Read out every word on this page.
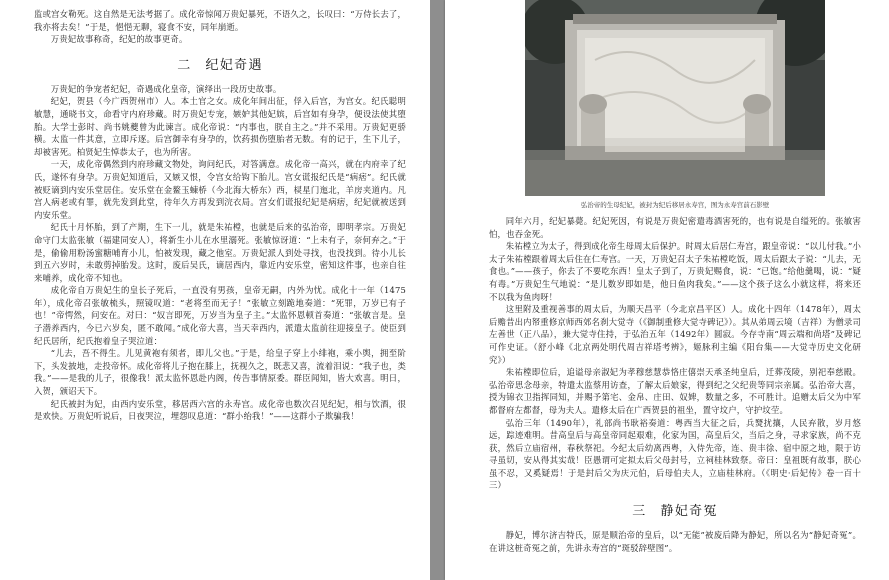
监或宫女勒死。这自然是无法考据了。成化帝惊闻万贵妃暴死，不语久之，长叹曰：“万侍长去了，我亦将去矣！”于是，悒悒无聊，寝食不安，同年崩逝。

万贵妃故事称奇，纪妃的故事更奇。

二 纪妃奇遇

万贵妃的争宠者纪妃，奇遇成化皇帝，演绎出一段历史故事。

纪妃，贺县（今广西贺州市）人。本土官之女。成化年间出征，俘入后宫，为宫女。纪氏聪明敏慧，通晓书文，命看守内府珍藏。时万贵妃专宠，嫉妒其他妃嫔，后宫如有身孕，便设法使其堕胎。大学士彭时、尚书姚夔曾为此谏言。成化帝说：“内事也，朕自主之。”并不采用。万贵妃更骄横。太监一件其意，立即斥逐。后宫御幸有身孕的，饮药损伤堕胎者无数。有的记于，生下儿子，却被害死。柏贤妃生悼恭太子，也为所害。

一天，成化帝偶然到内府珍藏文物处，询问纪氏，对答满意。成化帝一高兴，就在内府幸了纪氏，遂怀有身孕。万贵妃知道后，又嫉又恨，令宫女给钩下胎儿。宫女谎报纪氏是“病痞”。纪氏就被贬谪到内安乐堂居住。安乐堂在金鳌玉蝀桥（今北海大桥东）西，棂星门迤北，羊房夹道内。凡宫人病老或有罪，就先发到此堂，待年久方再发到浣衣局。宫女们谎报纪妃是病痞，纪妃就被送到内安乐堂。

纪氏十月怀胎，到了产期，生下一儿，就是朱祐樘，也就是后来的弘治帝，即明孝宗。万贵妃命守门太监张敏（福建同安人），将新生小儿在水里溺死。张敏惊讶道：“上未有子，奈何弃之。”于是，偷偷用粉汤蜜糖哺育小儿，怕被发现，藏之他室。万贵妃派人到处寻找，也没找到。待小儿长到五六岁时，未敢剪掉胎发。这时，废后吴氏，谪居西内，靠近内安乐堂，密知这件事，也亲自往来哺养，成化帝不知也。

成化帝自万贵妃生的皇长子死后，一直没有男孩，皇帝无嗣，内外为忧。成化十一年（1475年），成化帝召张敏梳头，照镜叹道：“老将至而无子！”张敏立刻跪地奏道：“死罪，万岁已有子也！”帝愕然，问安在。对曰：“奴言即死，万岁当为皇子主。”太监怀恩顿首奏道：“张敏言是。皇子潜养西内，今已六岁矣，匿不敢闻。”成化帝大喜，当天幸西内，派遣太监前往迎接皇子。使臣到纪氏居所，纪氏抱着皇子哭泣道：

“儿去，吾不得生。儿见黄袍有须者，即儿父也。”于是，给皇子穿上小绯袍，乘小舆，拥至阶下，头发披地，走投帝怀。成化帝将儿子抱在膝上，抚视久之，既悲又喜，流着泪说：“我子也，类我。”——是我的儿子，很像我！派太监怀恩赴内阁，传告事情原委。群臣闻知，皆大欢喜。明日，入贺，颁诏天下。

纪氏被封为妃，由西内安乐堂，移居西六宫的永寿宫。成化帝也数次召见纪妃，相与饮酒，很是欢快。万贵妃听说后，日夜哭泣，埋怨叹息道：“群小绐我！”——这群小子欺骗我！

弘治帝的生母纪妃，被封为纪后移居永寿宫，图为永寿宫前石影壁

同年六月，纪妃暴薨。纪妃死因，有说是万贵妃密遣毒酒害死的，也有说是自缢死的。张敏害怕，也吞金死。

朱祐樘立为太子，得到成化帝生母周太后保护。时周太后居仁寿宫，跟皇帝说：“以儿付我。”小太子朱祐樘跟着周太后住在仁寿宫。一天，万贵妃召太子朱祐樘吃饭，周太后跟太子说：“儿去，无食也。”——孩子，你去了不要吃东西！皇太子到了，万贵妃赐食，说：“已饱。”给他羹喝，说：“疑有毒。”万贵妃生气地说：“是儿数岁即如是，他日鱼肉我矣。”——这个孩子这么小就这样，将来还不以我为鱼肉呀！

这里附及重视善事的周太后，为顺天昌平（今北京昌平区）人。成化十四年（1478年），周太后赡昔出内帑重修京师西郊名刹大觉寺（《御制重修大觉寺碑记》）。其从弟周云境（吉祥）为僧录司左善世（正八品），兼大觉寺住持，于弘治五年（1492年）圆寂。今存寺南“周云端和尚塔”及碑记可作史证。（舒小峰《北京两处明代周吉祥塔考辨》，姬脉利主编《阳台集——大觉寺历史文化研究》）

朱祐樘即位后，追谥母亲淑妃为孝穆慈慧恭恪庄僖崇天承圣纯皇后，迁葬茂陵，别祀奉慈殿。弘治帝思念母亲，特遣太监蔡用访查，了解太后娘家，得到纪之父纪贵等同宗亲属。弘治帝大喜，授为锦衣卫指挥同知，并赐予第宅、金帛、庄田、奴婢，数量之多，不可胜计。追赠太后父为中军都督府左都督，母为夫人。遣修太后在广西贺县的祖坐，置守坟户，守护坟茔。

弘治三年（1490年），礼部尚书耿裕奏道：粤西当大征之后，兵燹扰攘，人民弃散，岁月悠远，踪迹难明。昔高皇后与高皇帝同起艰难，化家为国，高皇后父，当后之身，寻求家族，尚不克获，然后立庙宿州，春秋祭祀。今纪太后幼离西粤，入侍先帝，连、贵丰徐、宿中原之地，限于访寻虽切，安从得其实哉！臣愚谓可定拟太后父母封号，立祠桂林致祭。帝曰：皇祖既有故事，朕心虽不忍，又奚疑焉！于是封后父为庆元伯，后母伯夫人，立庙桂林府。（《明史·后妃传》卷一百十三）

三 静妃奇冤

静妃，博尔济吉特氏，原是顺治帝的皇后，以“无能”被废后降为静妃，所以名为“静妃奇冤”。在讲这桩奇冤之前，先讲永寿宫的“斑驳辞壁图”。
